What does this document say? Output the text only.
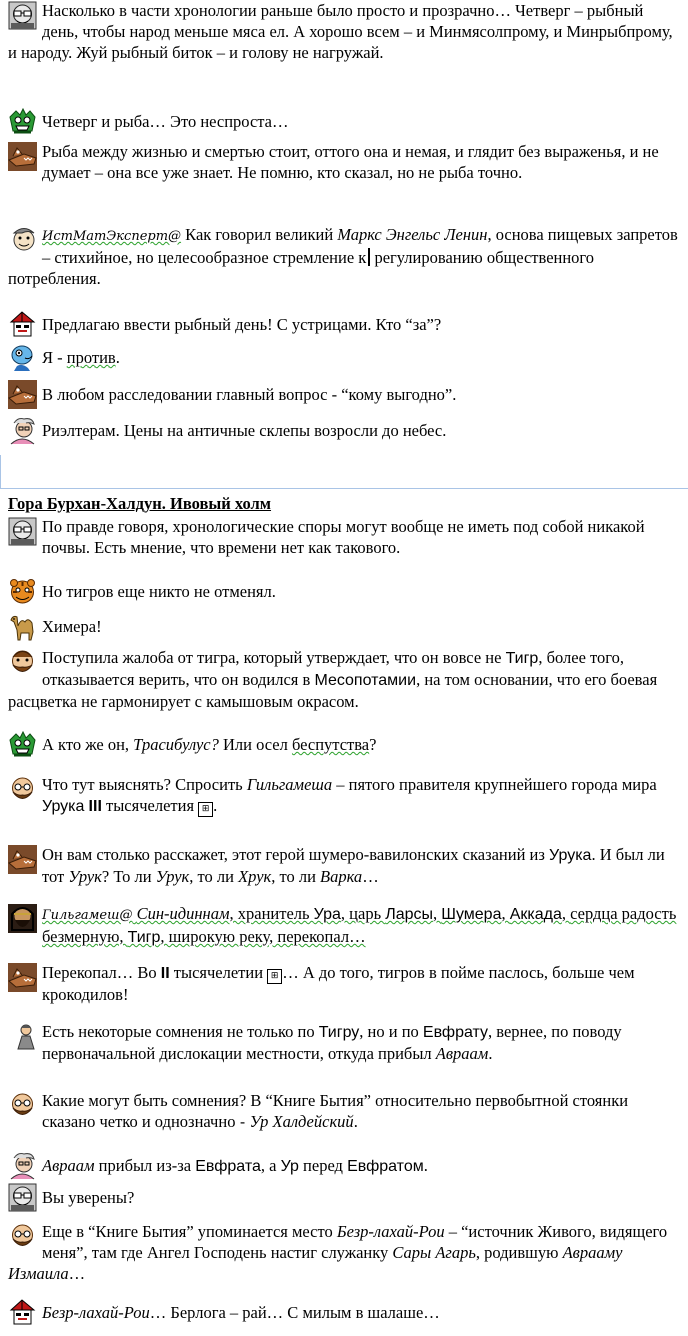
Насколько в части хронологии раньше было просто и прозрачно… Четверг – рыбный день, чтобы народ меньше мяса ел. А хорошо всем – и Минмясолпрому, и Минрыбпрому, и народу. Жуй рыбный биток – и голову не нагружай.
Четверг и рыба… Это неспроста…
Рыба между жизнью и смертью стоит, оттого она и немая, и глядит без выраженья, и не думает – она все уже знает. Не помню, кто сказал, но не рыба точно.
ИстМатЭксперт@ Как говорил великий Маркс Энгельс Ленин, основа пищевых запретов – стихийное, но целесообразное стремление к регулированию общественного потребления.
Предлагаю ввести рыбный день! С устрицами. Кто “за”?
Я - против.
В любом расследовании главный вопрос - “кому выгодно”.
Риэлтерам. Цены на античные склепы возросли до небес.
Гора Бурхан-Халдун. Ивовый холм
По правде говоря, хронологические споры могут вообще не иметь под собой никакой почвы. Есть мнение, что времени нет как такового.
Но тигров еще никто не отменял.
Химера!
Поступила жалоба от тигра, который утверждает, что он вовсе не Тигр, более того, отказывается верить, что он водился в Месопотамии, на том основании, что его боевая расцветка не гармонирует с камышовым окрасом.
А кто же он, Трасибулус? Или осел беспутства?
Что тут выяснять? Спросить Гильгамеша – пятого правителя крупнейшего города мира Урука III тысячелетия ⊞ .
Он вам столько расскажет, этот герой шумеро-вавилонских сказаний из Урука. И был ли тот Урук? То ли Урук, то ли Хрук, то ли Варка…
Гильгамеш@ Син-идиннам, хранитель Ура, царь Ларсы, Шумера, Аккада, сердца радость безмерную, Тигр, широкую реку, перекопал…
Перекопал… Во II тысячелетии ⊞ … А до того, тигров в пойме паслось, больше чем крокодилов!
Есть некоторые сомнения не только по Тигру, но и по Евфрату, вернее, по поводу первоначальной дислокации местности, откуда прибыл Авраам.
Какие могут быть сомнения? В “Книге Бытия” относительно первобытной стоянки сказано четко и однозначно - Ур Халдейский.
Авраам прибыл из-за Евфрата, а Ур перед Евфратом.
Вы уверены?
Еще в “Книге Бытия” упоминается место Безр-лахай-Рои – “источник Живого, видящего меня”, там где Ангел Господень настиг служанку Сары Агарь, родившую Аврааму Измаила…
Безр-лахай-Рои… Берлога – рай… С милым в шалаше…
